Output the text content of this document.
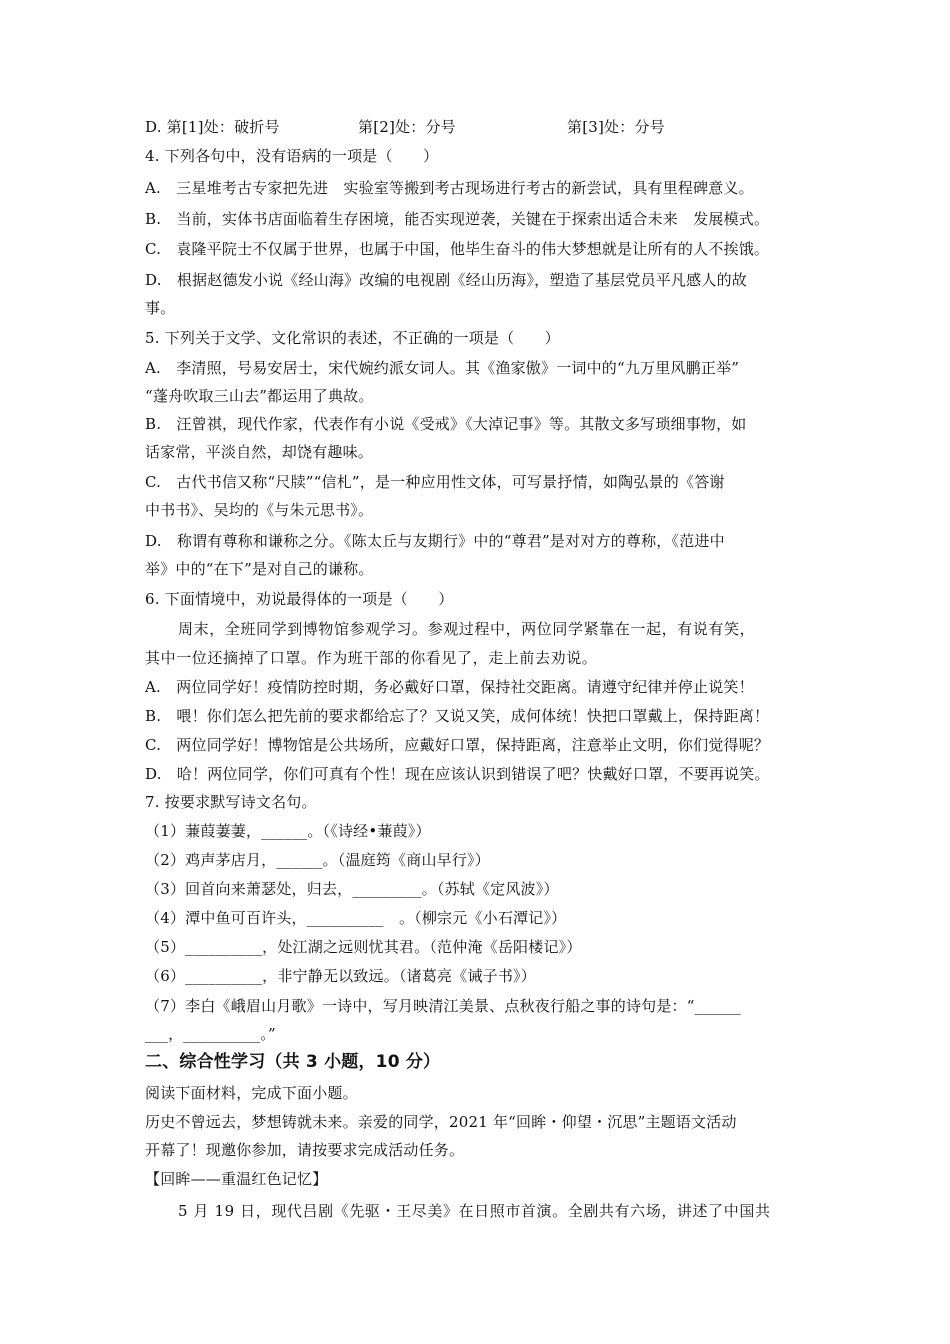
D. 第[1]处：破折号	第[2]处：分号	第[3]处：分号
4. 下列各句中，没有语病的一项是（　　）
A.　三星堆考古专家把先进　实验室等搬到考古现场进行考古的新尝试，具有里程碑意义。
B.　当前，实体书店面临着生存困境，能否实现逆袭，关键在于探索出适合未来　发展模式。
C.　袁隆平院士不仅属于世界，也属于中国，他毕生奋斗的伟大梦想就是让所有的人不挨饿。
D.　根据赵德发小说《经山海》改编的电视剧《经山历海》，塑造了基层党员平凡感人的故
事。
5. 下列关于文学、文化常识的表述，不正确的一项是（　　）
A.　李清照，号易安居士，宋代婉约派女词人。其《渔家傲》一词中的“九万里风鹏正举”
“蓬舟吹取三山去”都运用了典故。
B.　汪曾祺，现代作家，代表作有小说《受戒》《大淖记事》等。其散文多写琐细事物，如
话家常，平淡自然，却饶有趣味。
C.　古代书信又称“尺牍”“信札”，是一种应用性文体，可写景抒情，如陶弘景的《答谢
中书书》、吴均的《与朱元思书》。
D.　称谓有尊称和谦称之分。《陈太丘与友期行》中的“尊君”是对对方的尊称，《范进中
举》中的“在下”是对自己的谦称。
6. 下面情境中，劝说最得体的一项是（　　）
周末，全班同学到博物馆参观学习。参观过程中，两位同学紧靠在一起，有说有笑，
其中一位还摘掉了口罩。作为班干部的你看见了，走上前去劝说。
A.　两位同学好！疫情防控时期，务必戴好口罩，保持社交距离。请遵守纪律并停止说笑！
B.　喂！你们怎么把先前的要求都给忘了？又说又笑，成何体统！快把口罩戴上，保持距离！
C.　两位同学好！博物馆是公共场所，应戴好口罩，保持距离，注意举止文明，你们觉得呢？
D.　哈！两位同学，你们可真有个性！现在应该认识到错误了吧？快戴好口罩，不要再说笑。
7. 按要求默写诗文名句。
（1）蒹葭萋萋，______。（《诗经•蒹葭》）
（2）鸡声茅店月，______。（温庭筠《商山早行》）
（3）回首向来萧瑟处，归去，_________。（苏轼《定风波》）
（4）潭中鱼可百许头，__________　。（柳宗元《小石潭记》）
（5）__________，处江湖之远则忧其君。（范仲淹《岳阳楼记》）
（6）__________，非宁静无以致远。（诸葛亮《诫子书》）
（7）李白《峨眉山月歌》一诗中，写月映清江美景、点秋夜行船之事的诗句是：“______
___，__________。”
二、综合性学习（共 3 小题，10 分）
阅读下面材料，完成下面小题。
历史不曾远去，梦想铸就未来。亲爱的同学，2021 年“回眸・仰望・沉思”主题语文活动
开幕了！现邀你参加，请按要求完成活动任务。
【回眸——重温红色记忆】
5 月 19 日，现代吕剧《先驱・王尽美》在日照市首演。全剧共有六场，讲述了中国共
